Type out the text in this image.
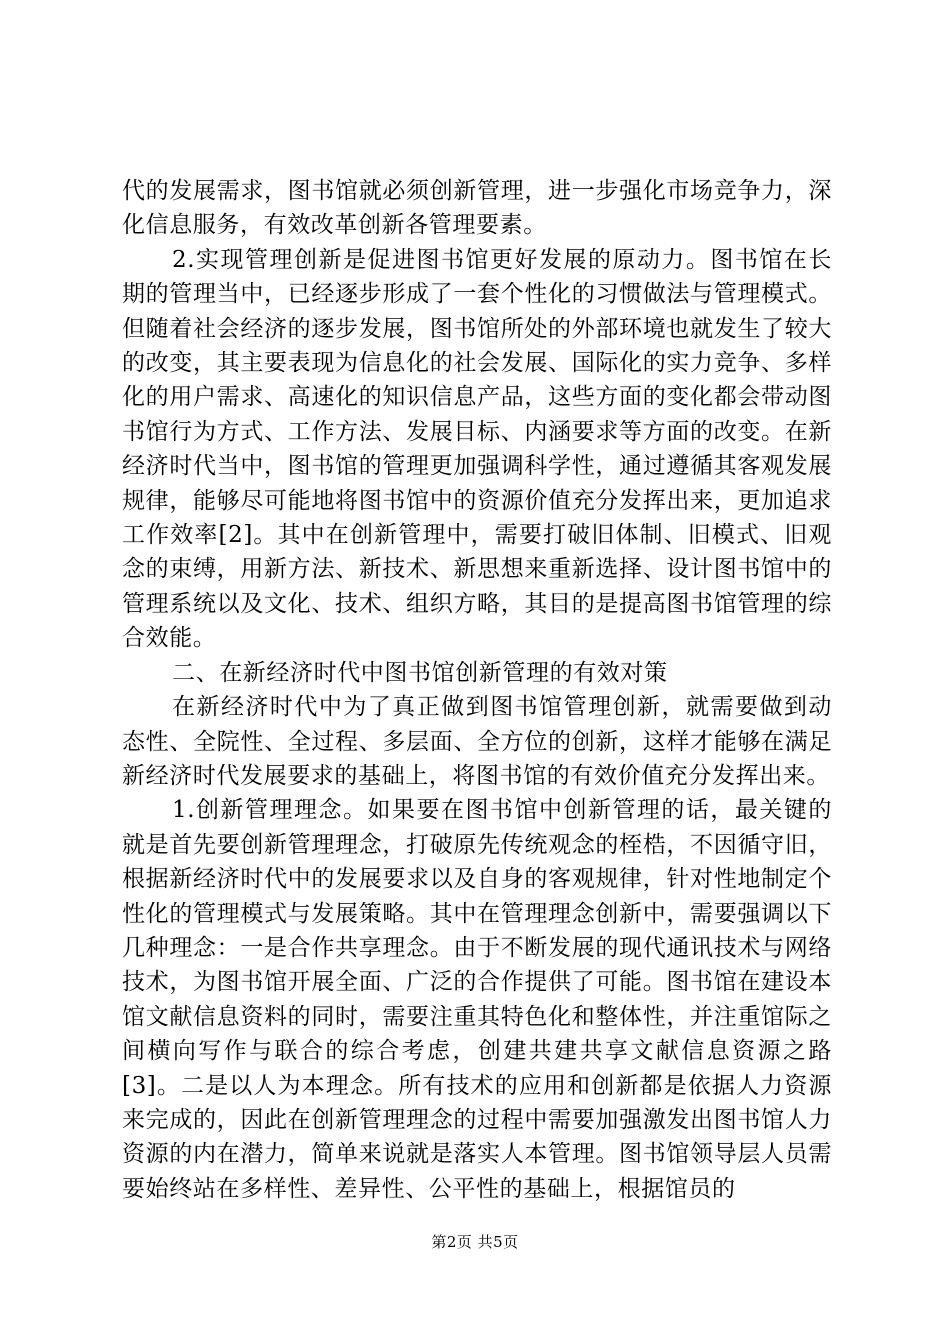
代的发展需求，图书馆就必须创新管理，进一步强化市场竞争力，深化信息服务，有效改革创新各管理要素。

2.实现管理创新是促进图书馆更好发展的原动力。图书馆在长期的管理当中，已经逐步形成了一套个性化的习惯做法与管理模式。但随着社会经济的逐步发展，图书馆所处的外部环境也就发生了较大的改变，其主要表现为信息化的社会发展、国际化的实力竞争、多样化的用户需求、高速化的知识信息产品，这些方面的变化都会带动图书馆行为方式、工作方法、发展目标、内涵要求等方面的改变。在新经济时代当中，图书馆的管理更加强调科学性，通过遵循其客观发展规律，能够尽可能地将图书馆中的资源价值充分发挥出来，更加追求工作效率[2]。其中在创新管理中，需要打破旧体制、旧模式、旧观念的束缚，用新方法、新技术、新思想来重新选择、设计图书馆中的管理系统以及文化、技术、组织方略，其目的是提高图书馆管理的综合效能。

二、在新经济时代中图书馆创新管理的有效对策

在新经济时代中为了真正做到图书馆管理创新，就需要做到动态性、全院性、全过程、多层面、全方位的创新，这样才能够在满足新经济时代发展要求的基础上，将图书馆的有效价值充分发挥出来。

1.创新管理理念。如果要在图书馆中创新管理的话，最关键的就是首先要创新管理理念，打破原先传统观念的桎梏，不因循守旧，根据新经济时代中的发展要求以及自身的客观规律，针对性地制定个性化的管理模式与发展策略。其中在管理理念创新中，需要强调以下几种理念：一是合作共享理念。由于不断发展的现代通讯技术与网络技术，为图书馆开展全面、广泛的合作提供了可能。图书馆在建设本馆文献信息资料的同时，需要注重其特色化和整体性，并注重馆际之间横向写作与联合的综合考虑，创建共建共享文献信息资源之路[3]。二是以人为本理念。所有技术的应用和创新都是依据人力资源来完成的，因此在创新管理理念的过程中需要加强激发出图书馆人力资源的内在潜力，简单来说就是落实人本管理。图书馆领导层人员需要始终站在多样性、差异性、公平性的基础上，根据馆员的

第2页 共5页
